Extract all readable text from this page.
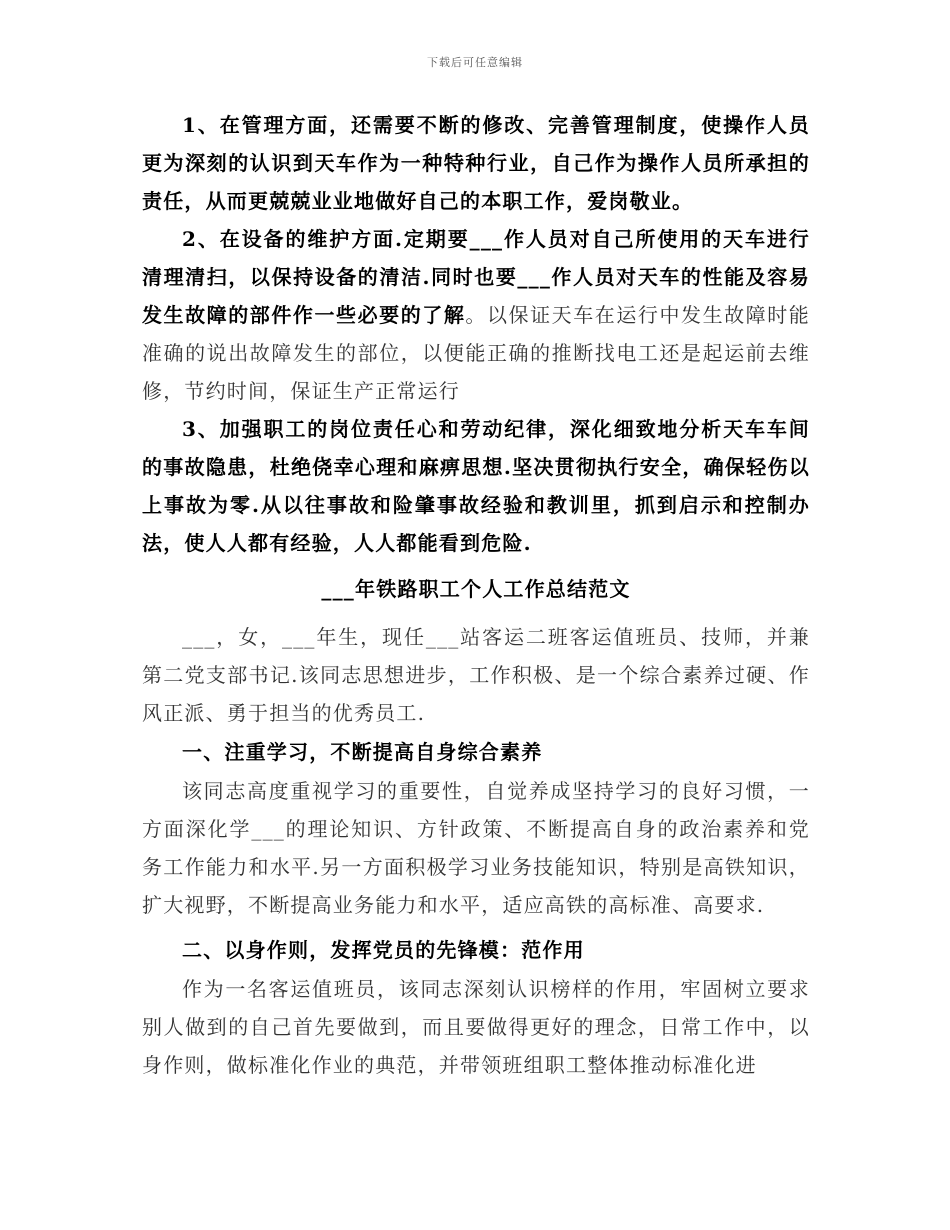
下载后可任意编辑

1、在管理方面，还需要不断的修改、完善管理制度，使操作人员更为深刻的认识到天车作为一种特种行业，自己作为操作人员所承担的责任，从而更兢兢业业地做好自己的本职工作，爱岗敬业。

2、在设备的维护方面.定期要___作人员对自己所使用的天车进行清理清扫，以保持设备的清洁.同时也要___作人员对天车的性能及容易发生故障的部件作一些必要的了解。以保证天车在运行中发生故障时能准确的说出故障发生的部位，以便能正确的推断找电工还是起运前去维修，节约时间，保证生产正常运行

3、加强职工的岗位责任心和劳动纪律，深化细致地分析天车车间的事故隐患，杜绝侥幸心理和麻痹思想.坚决贯彻执行安全，确保轻伤以上事故为零.从以往事故和险肇事故经验和教训里，抓到启示和控制办法，使人人都有经验，人人都能看到危险.

___年铁路职工个人工作总结范文

___，女，___年生，现任___站客运二班客运值班员、技师，并兼第二党支部书记.该同志思想进步，工作积极、是一个综合素养过硬、作风正派、勇于担当的优秀员工.

一、注重学习，不断提高自身综合素养

该同志高度重视学习的重要性，自觉养成坚持学习的良好习惯，一方面深化学___的理论知识、方针政策、不断提高自身的政治素养和党务工作能力和水平.另一方面积极学习业务技能知识，特别是高铁知识，扩大视野，不断提高业务能力和水平，适应高铁的高标准、高要求.

二、以身作则，发挥党员的先锋模：范作用

作为一名客运值班员，该同志深刻认识榜样的作用，牢固树立要求别人做到的自己首先要做到，而且要做得更好的理念，日常工作中，以身作则，做标准化作业的典范，并带领班组职工整体推动标准化进
